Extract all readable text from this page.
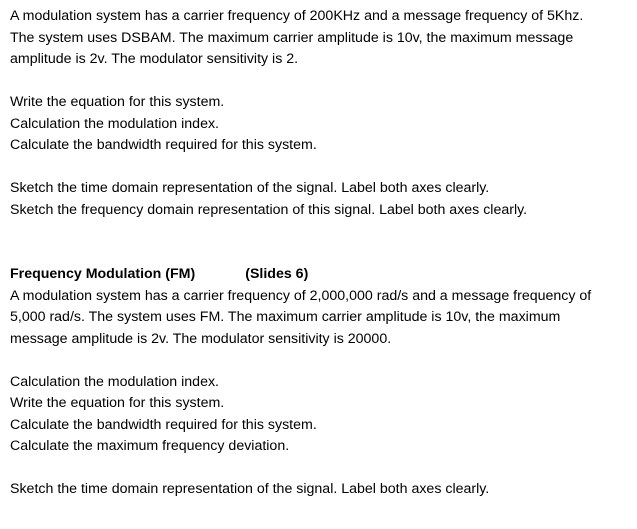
A modulation system has a carrier frequency of 200KHz and a message frequency of 5Khz.

The system uses DSBAM. The maximum carrier amplitude is 10v, the maximum message

amplitude is 2v. The modulator sensitivity is 2.

Write the equation for this system.

Calculation the modulation index.

Calculate the bandwidth required for this system.

Sketch the time domain representation of the signal. Label both axes clearly.

Sketch the frequency domain representation of this signal. Label both axes clearly.

Frequency Modulation (FM)	(Slides 6)

A modulation system has a carrier frequency of 2,000,000 rad/s and a message frequency of

5,000 rad/s. The system uses FM. The maximum carrier amplitude is 10v, the maximum

message amplitude is 2v. The modulator sensitivity is 20000.

Calculation the modulation index.

Write the equation for this system.

Calculate the bandwidth required for this system.

Calculate the maximum frequency deviation.

Sketch the time domain representation of the signal. Label both axes clearly.
